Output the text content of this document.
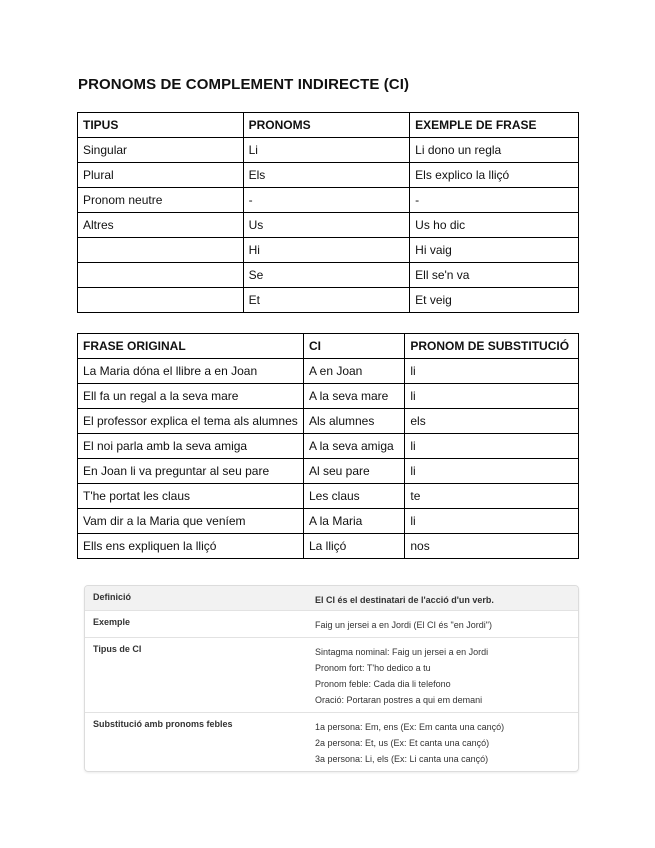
PRONOMS DE COMPLEMENT INDIRECTE (CI)
TIPUS	PRONOMS	EXEMPLE DE FRASE
Singular	Li	Li dono un regla
Plural	Els	Els explico la lliçó
Pronom neutre	-	-
Altres	Us	Us ho dic
	Hi	Hi vaig
	Se	Ell se'n va
	Et	Et veig
FRASE ORIGINAL	CI	PRONOM DE SUBSTITUCIÓ
La Maria dóna el llibre a en Joan	A en Joan	li
Ell fa un regal a la seva mare	A la seva mare	li
El professor explica el tema als alumnes	Als alumnes	els
El noi parla amb la seva amiga	A la seva amiga	li
En Joan li va preguntar al seu pare	Al seu pare	li
T'he portat les claus	Les claus	te
Vam dir a la Maria que veníem	A la Maria	li
Ells ens expliquen la lliçó	La lliçó	nos
Definició	El CI és el destinatari de l'acció d'un verb.
Exemple	Faig un jersei a en Jordi (El CI és "en Jordi")
Tipus de CI	Sintagma nominal: Faig un jersei a en Jordi
Pronom fort: T'ho dedico a tu
Pronom feble: Cada dia li telefono
Oració: Portaran postres a qui em demani
Substitució amb pronoms febles	1a persona: Em, ens (Ex: Em canta una cançó)
2a persona: Et, us (Ex: Et canta una cançó)
3a persona: Li, els (Ex: Li canta una cançó)
